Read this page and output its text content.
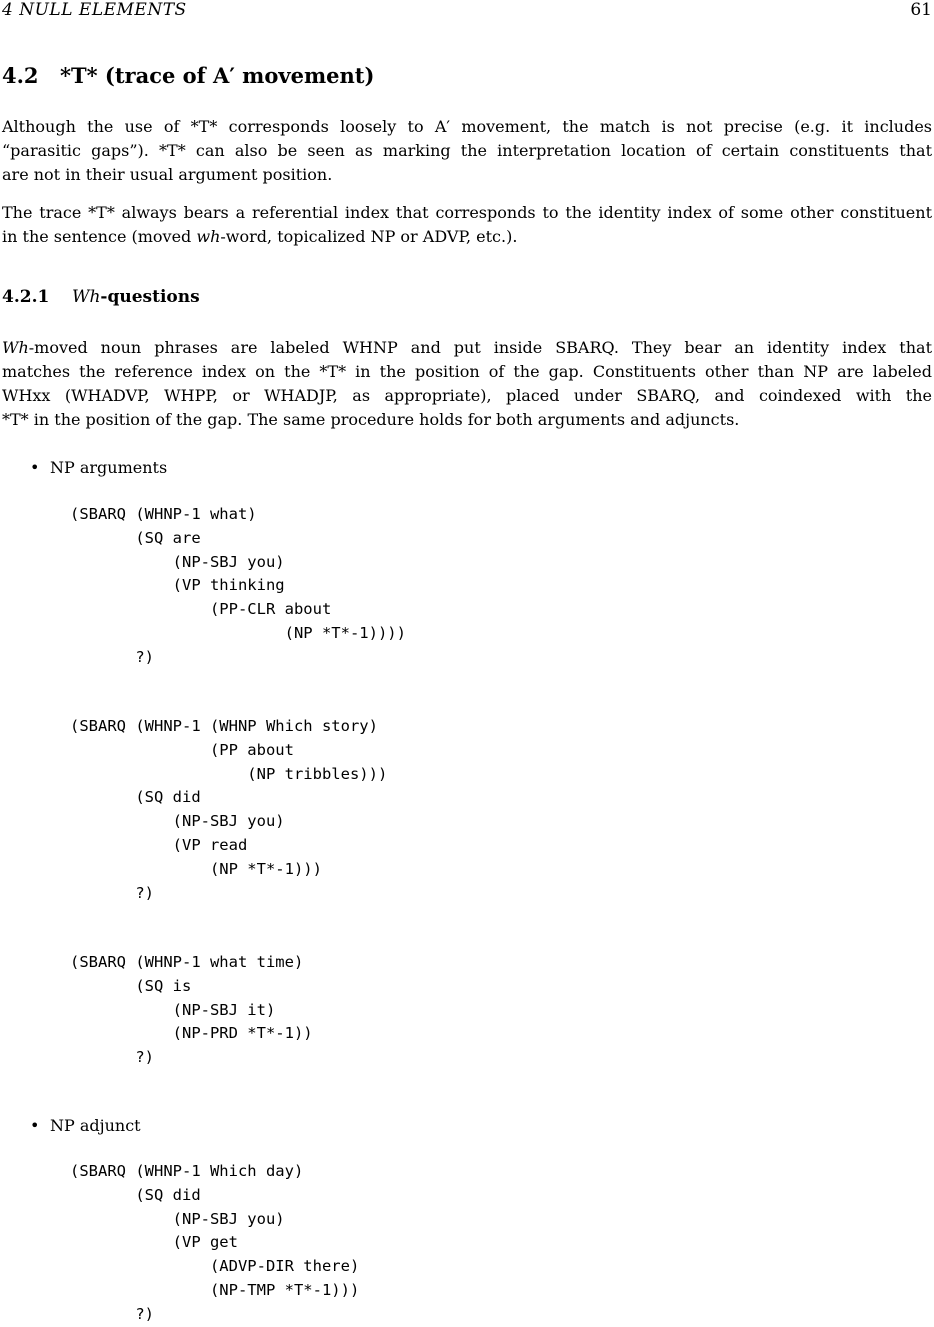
4 NULL ELEMENTS	61
4.2 *T* (trace of A′ movement)
Although the use of *T* corresponds loosely to A′ movement, the match is not precise (e.g. it includes
“parasitic gaps”). *T* can also be seen as marking the interpretation location of certain constituents that
are not in their usual argument position.
The trace *T* always bears a referential index that corresponds to the identity index of some other constituent
in the sentence (moved wh-word, topicalized NP or ADVP, etc.).
4.2.1 Wh-questions
Wh-moved noun phrases are labeled WHNP and put inside SBARQ. They bear an identity index that
matches the reference index on the *T* in the position of the gap. Constituents other than NP are labeled
WHxx (WHADVP, WHPP, or WHADJP, as appropriate), placed under SBARQ, and coindexed with the
*T* in the position of the gap. The same procedure holds for both arguments and adjuncts.
• NP arguments
(SBARQ (WHNP-1 what)
(SQ are
(NP-SBJ you)
(VP thinking
(PP-CLR about
(NP *T*-1))))
?)
(SBARQ (WHNP-1 (WHNP Which story)
(PP about
(NP tribbles)))
(SQ did
(NP-SBJ you)
(VP read
(NP *T*-1)))
?)
(SBARQ (WHNP-1 what time)
(SQ is
(NP-SBJ it)
(NP-PRD *T*-1))
?)
• NP adjunct
(SBARQ (WHNP-1 Which day)
(SQ did
(NP-SBJ you)
(VP get
(ADVP-DIR there)
(NP-TMP *T*-1)))
?)
